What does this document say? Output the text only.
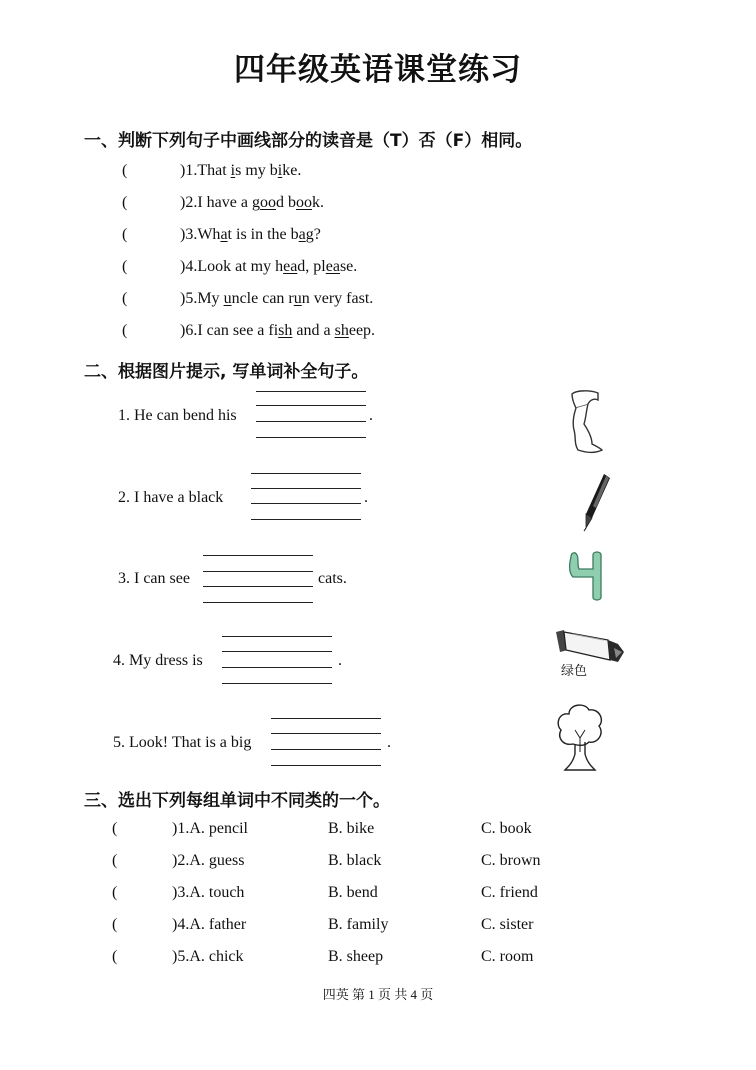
四年级英语课堂练习
一、判断下列句子中画线部分的读音是（T）否（F）相同。
(	)1.That is my bike.
(	)2.I have a good book.
(	)3.What is in the bag?
(	)4.Look at my head, please.
(	)5.My uncle can run very fast.
(	)6.I can see a fish and a sheep.
二、根据图片提示, 写单词补全句子。
1. He can bend his	.
2. I have a black	.
3. I can see	cats.
4. My dress is	.
5. Look! That is a big	.
绿色
三、选出下列每组单词中不同类的一个。
(	)1.A. pencil	B. bike	C. book
(	)2.A. guess	B. black	C. brown
(	)3.A. touch	B. bend	C. friend
(	)4.A. father	B. family	C. sister
(	)5.A. chick	B. sheep	C. room
四英 第 1 页 共 4 页
